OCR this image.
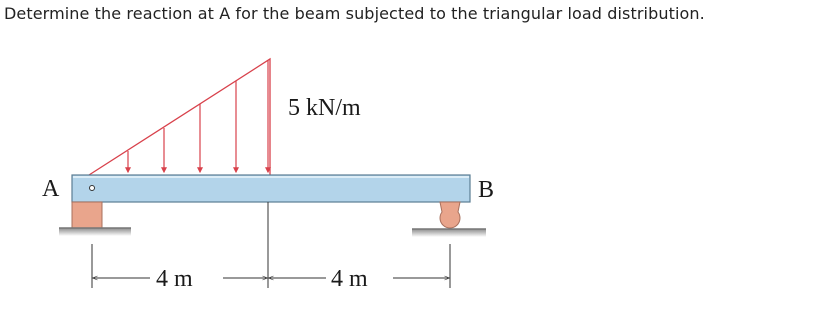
Determine the reaction at A for the beam subjected to the triangular load distribution.
5 kN/m
A	B
4 m	4 m
